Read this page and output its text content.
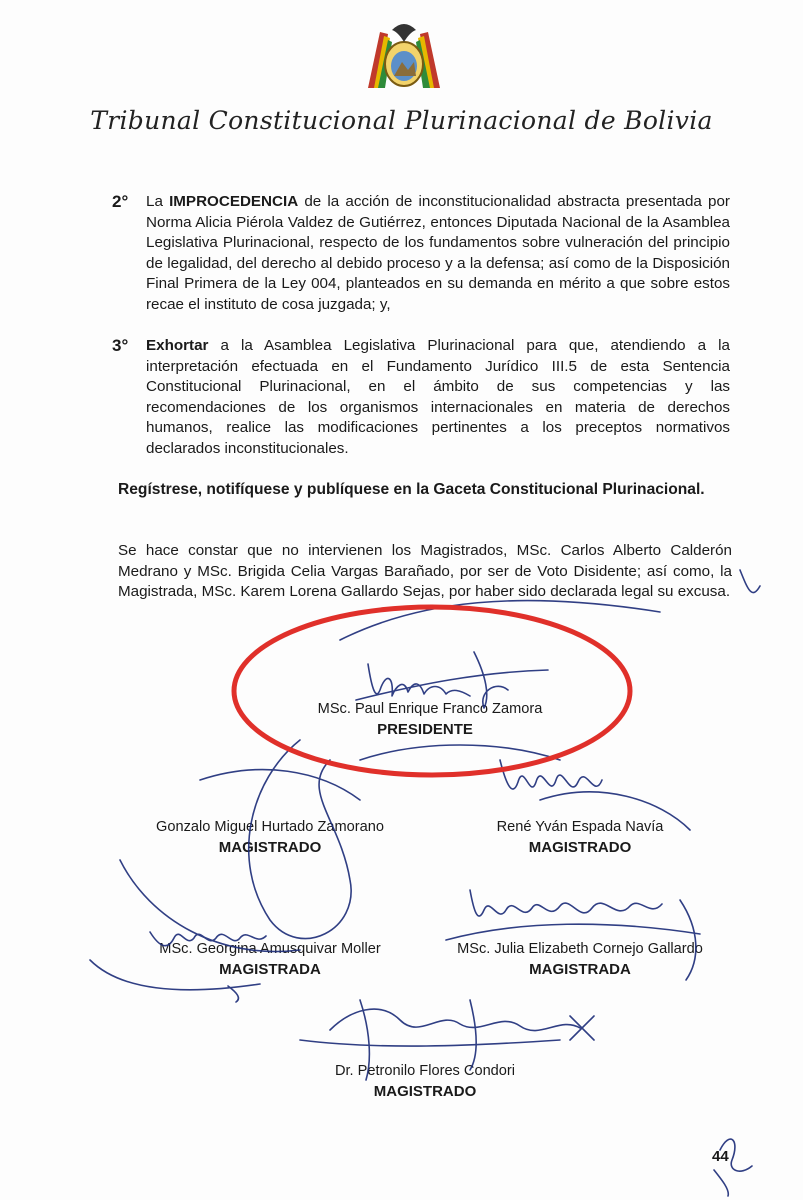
Tribunal Constitucional Plurinacional de Bolivia
2°	La IMPROCEDENCIA de la acción de inconstitucionalidad abstracta presentada por Norma Alicia Piérola Valdez de Gutiérrez, entonces Diputada Nacional de la Asamblea Legislativa Plurinacional, respecto de los fundamentos sobre vulneración del principio de legalidad, del derecho al debido proceso y a la defensa; así como de la Disposición Final Primera de la Ley 004, planteados en su demanda en mérito a que sobre estos recae el instituto de cosa juzgada; y,

3°	Exhortar a la Asamblea Legislativa Plurinacional para que, atendiendo a la interpretación efectuada en el Fundamento Jurídico III.5 de esta Sentencia Constitucional Plurinacional, en el ámbito de sus competencias y las recomendaciones de los organismos internacionales en materia de derechos humanos, realice las modificaciones pertinentes a los preceptos normativos declarados inconstitucionales.

Regístrese, notifíquese y publíquese en la Gaceta Constitucional Plurinacional.
Se hace constar que no intervienen los Magistrados, MSc. Carlos Alberto Calderón Medrano y MSc. Brigida Celia Vargas Barañado, por ser de Voto Disidente; así como, la Magistrada, MSc. Karem Lorena Gallardo Sejas, por haber sido declarada legal su excusa.
MSc. Paul Enrique Franco Zamora
PRESIDENTE
Gonzalo Miguel Hurtado Zamorano
MAGISTRADO
René Yván Espada Navía
MAGISTRADO
MSc. Georgina Amusquivar Moller
MAGISTRADA
MSc. Julia Elizabeth Cornejo Gallardo
MAGISTRADA
Dr. Petronilo Flores Condori
MAGISTRADO
44
